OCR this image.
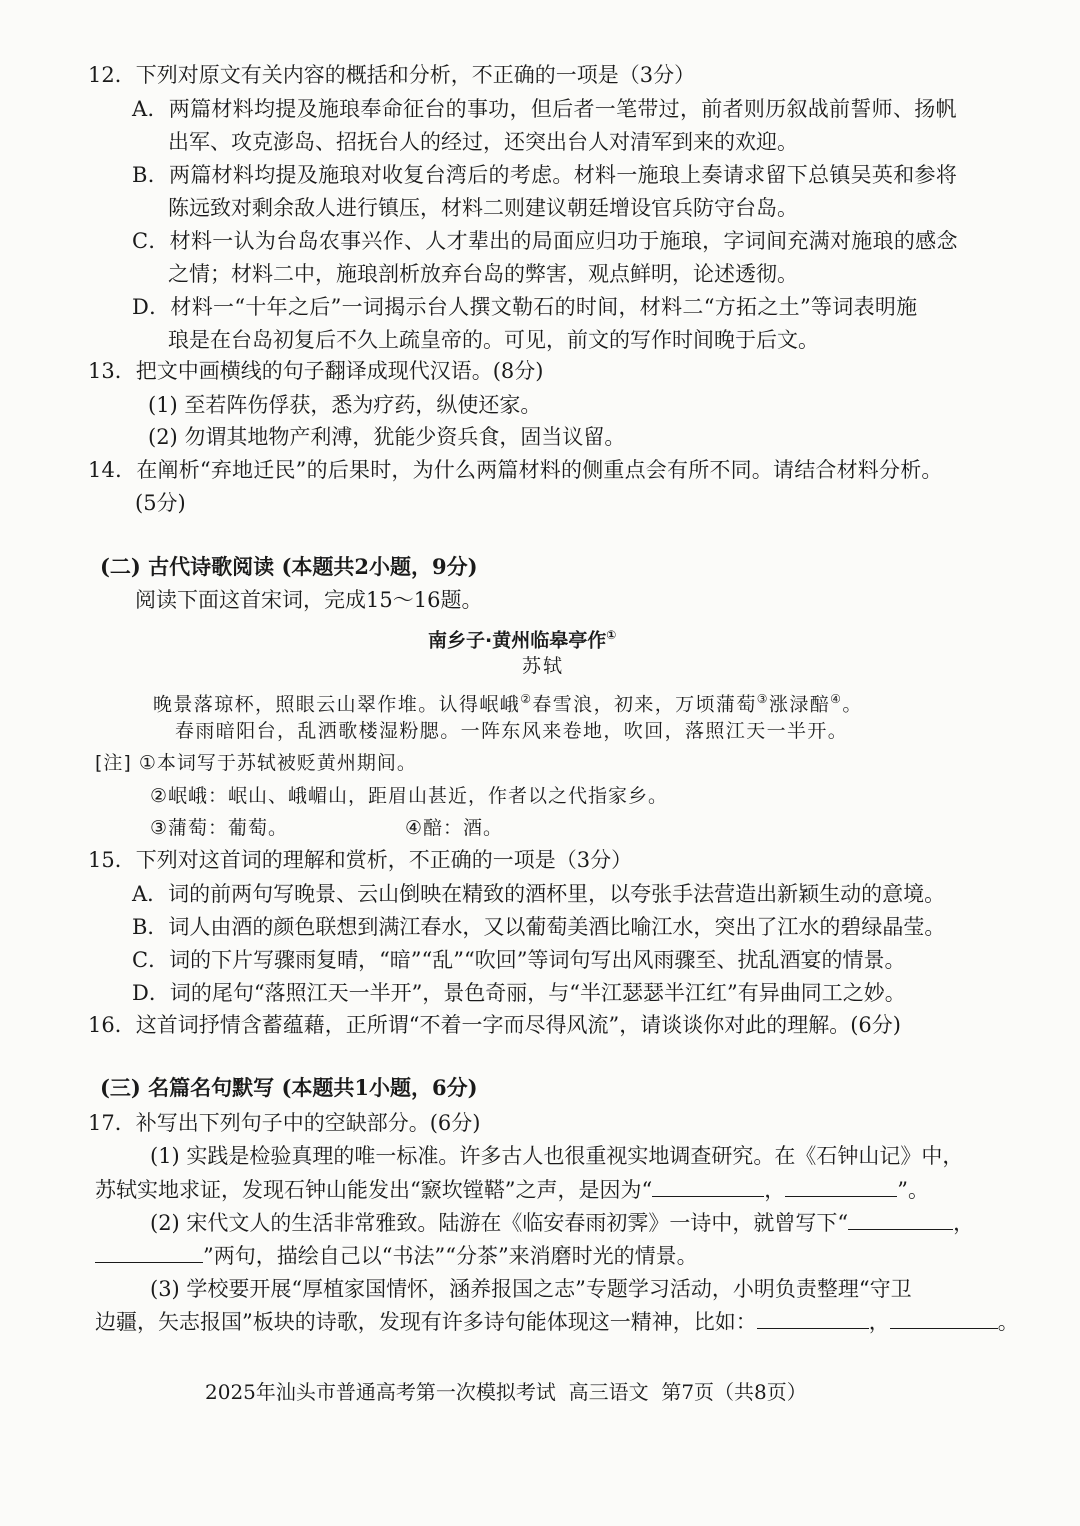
12．下列对原文有关内容的概括和分析，不正确的一项是（3分）
A．两篇材料均提及施琅奉命征台的事功，但后者一笔带过，前者则历叙战前誓师、扬帆
出军、攻克澎岛、招抚台人的经过，还突出台人对清军到来的欢迎。
B．两篇材料均提及施琅对收复台湾后的考虑。材料一施琅上奏请求留下总镇吴英和参将
陈远致对剩余敌人进行镇压，材料二则建议朝廷增设官兵防守台岛。
C．材料一认为台岛农事兴作、人才辈出的局面应归功于施琅，字词间充满对施琅的感念
之情；材料二中，施琅剖析放弃台岛的弊害，观点鲜明，论述透彻。
D．材料一“十年之后”一词揭示台人撰文勒石的时间，材料二“方拓之土”等词表明施
琅是在台岛初复后不久上疏皇帝的。可见，前文的写作时间晚于后文。
13．把文中画横线的句子翻译成现代汉语。(8分)
(1) 至若阵伤俘获，悉为疗药，纵使还家。
(2) 勿谓其地物产利溥，犹能少资兵食，固当议留。
14．在阐析“弃地迁民”的后果时，为什么两篇材料的侧重点会有所不同。请结合材料分析。
(5分)
(二) 古代诗歌阅读 (本题共2小题，9分)
阅读下面这首宋词，完成15～16题。
南乡子·黄州临皋亭作①
苏轼
晚景落琼杯，照眼云山翠作堆。认得岷峨②春雪浪，初来，万顷蒲萄③涨渌醅④。
春雨暗阳台，乱洒歌楼湿粉腮。一阵东风来卷地，吹回，落照江天一半开。
[注] ①本词写于苏轼被贬黄州期间。
②岷峨：岷山、峨嵋山，距眉山甚近，作者以之代指家乡。
③蒲萄：葡萄。	④醅：酒。
15．下列对这首词的理解和赏析，不正确的一项是（3分）
A．词的前两句写晚景、云山倒映在精致的酒杯里，以夸张手法营造出新颖生动的意境。
B．词人由酒的颜色联想到满江春水，又以葡萄美酒比喻江水，突出了江水的碧绿晶莹。
C．词的下片写骤雨复晴，“暗”“乱”“吹回”等词句写出风雨骤至、扰乱酒宴的情景。
D．词的尾句“落照江天一半开”，景色奇丽，与“半江瑟瑟半江红”有异曲同工之妙。
16．这首词抒情含蓄蕴藉，正所谓“不着一字而尽得风流”，请谈谈你对此的理解。(6分)
(三) 名篇名句默写 (本题共1小题，6分)
17．补写出下列句子中的空缺部分。(6分)
(1) 实践是检验真理的唯一标准。许多古人也很重视实地调查研究。在《石钟山记》中，
苏轼实地求证，发现石钟山能发出“窾坎镗鞳”之声，是因为“	，	”。
(2) 宋代文人的生活非常雅致。陆游在《临安春雨初霁》一诗中，就曾写下“	，
”两句，描绘自己以“书法”“分茶”来消磨时光的情景。
(3) 学校要开展“厚植家国情怀，涵养报国之志”专题学习活动，小明负责整理“守卫
边疆，矢志报国”板块的诗歌，发现有许多诗句能体现这一精神，比如：	，	。
2025年汕头市普通高考第一次模拟考试  高三语文  第7页（共8页）
